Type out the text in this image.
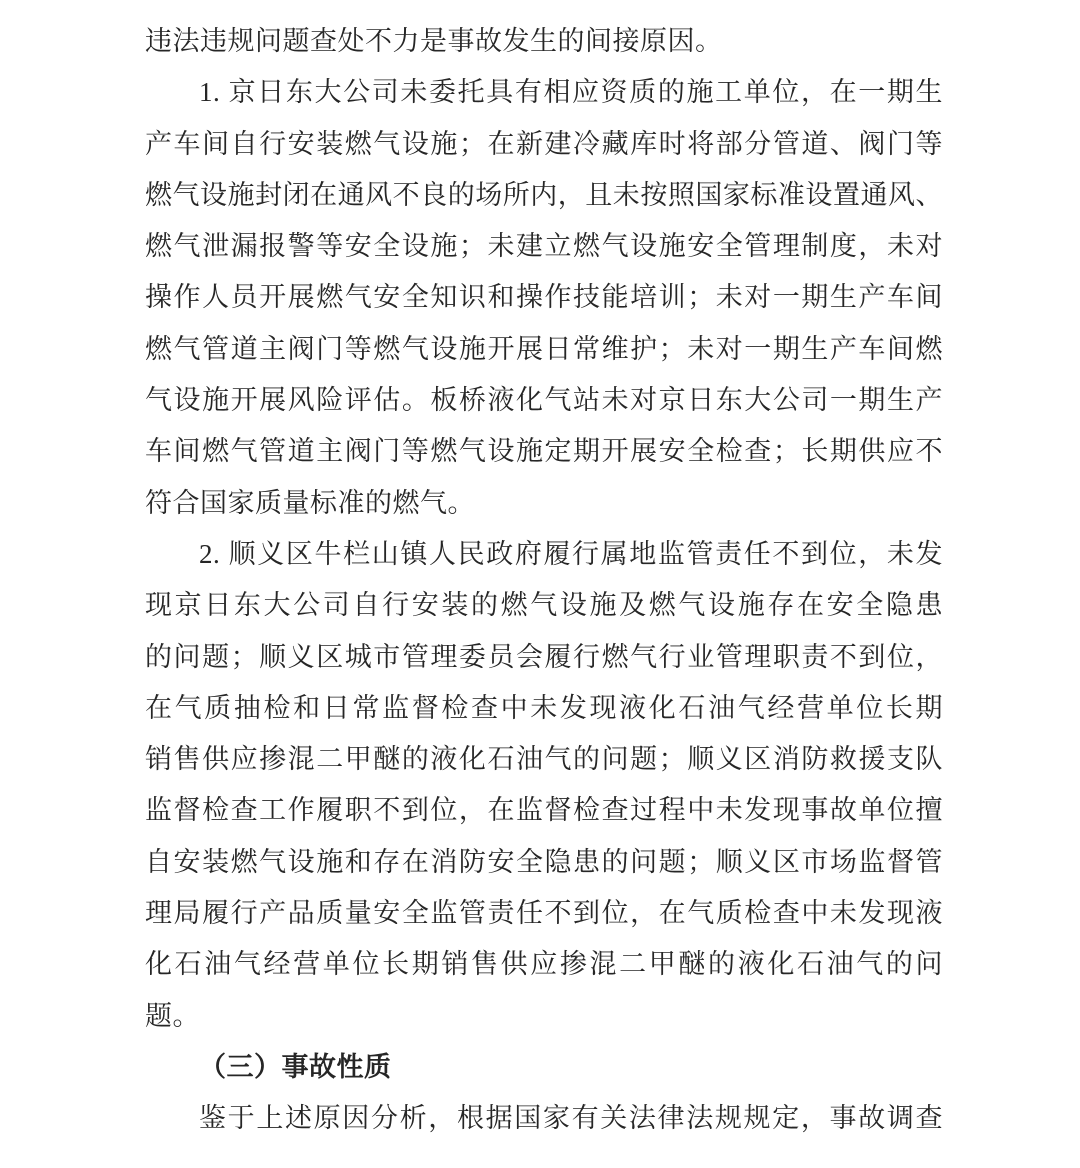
违法违规问题查处不力是事故发生的间接原因。
1. 京日东大公司未委托具有相应资质的施工单位，在一期生
产车间自行安装燃气设施；在新建冷藏库时将部分管道、阀门等
燃气设施封闭在通风不良的场所内，且未按照国家标准设置通风、
燃气泄漏报警等安全设施；未建立燃气设施安全管理制度，未对
操作人员开展燃气安全知识和操作技能培训；未对一期生产车间
燃气管道主阀门等燃气设施开展日常维护；未对一期生产车间燃
气设施开展风险评估。板桥液化气站未对京日东大公司一期生产
车间燃气管道主阀门等燃气设施定期开展安全检查；长期供应不
符合国家质量标准的燃气。
2. 顺义区牛栏山镇人民政府履行属地监管责任不到位，未发
现京日东大公司自行安装的燃气设施及燃气设施存在安全隐患
的问题；顺义区城市管理委员会履行燃气行业管理职责不到位，
在气质抽检和日常监督检查中未发现液化石油气经营单位长期
销售供应掺混二甲醚的液化石油气的问题；顺义区消防救援支队
监督检查工作履职不到位，在监督检查过程中未发现事故单位擅
自安装燃气设施和存在消防安全隐患的问题；顺义区市场监督管
理局履行产品质量安全监管责任不到位，在气质检查中未发现液
化石油气经营单位长期销售供应掺混二甲醚的液化石油气的问
题。
（三）事故性质
鉴于上述原因分析，根据国家有关法律法规规定，事故调查
